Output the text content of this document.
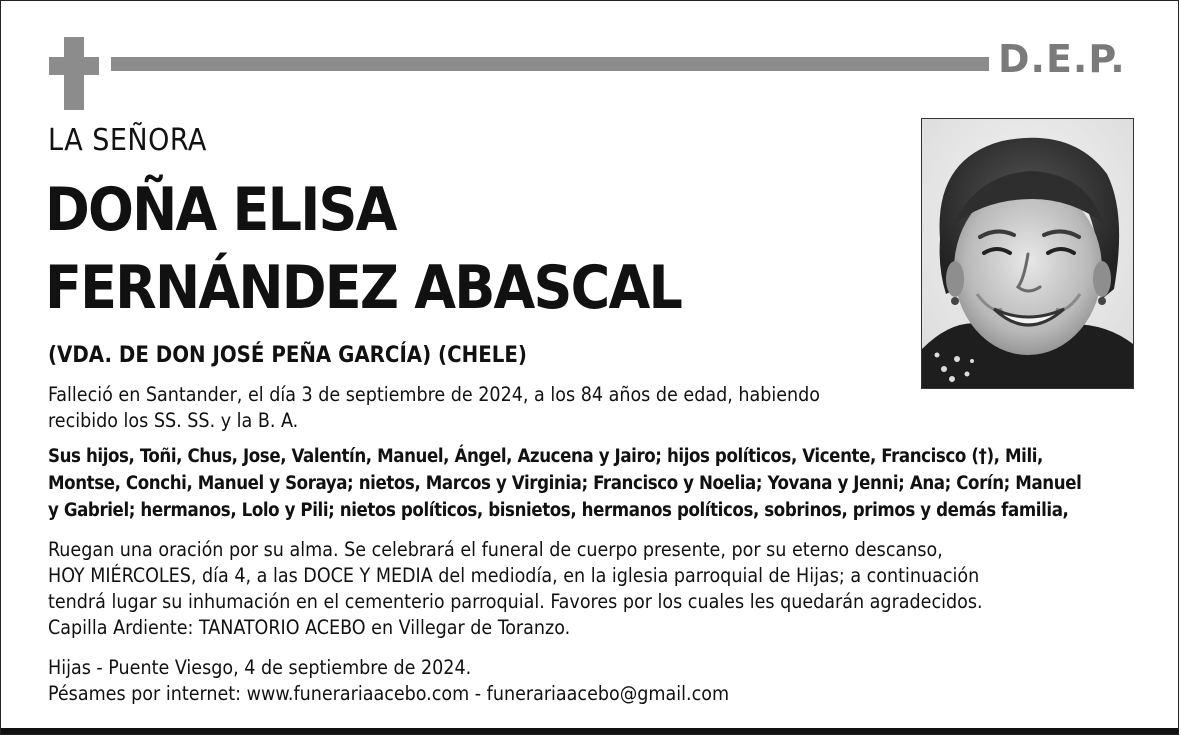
D.E.P.
LA SEÑORA
DOÑA ELISA
FERNÁNDEZ ABASCAL
(VDA. DE DON JOSÉ PEÑA GARCÍA) (CHELE)
Falleció en Santander, el día 3 de septiembre de 2024, a los 84 años de edad, habiendo
recibido los SS. SS. y la B. A.
Sus hijos, Toñi, Chus, Jose, Valentín, Manuel, Ángel, Azucena y Jairo; hijos políticos, Vicente, Francisco (†), Mili,
Montse, Conchi, Manuel y Soraya; nietos, Marcos y Virginia; Francisco y Noelia; Yovana y Jenni; Ana; Corín; Manuel
y Gabriel; hermanos, Lolo y Pili; nietos políticos, bisnietos, hermanos políticos, sobrinos, primos y demás familia,
Ruegan una oración por su alma. Se celebrará el funeral de cuerpo presente, por su eterno descanso,
HOY MIÉRCOLES, día 4, a las DOCE Y MEDIA del mediodía, en la iglesia parroquial de Hijas; a continuación
tendrá lugar su inhumación en el cementerio parroquial. Favores por los cuales les quedarán agradecidos.
Capilla Ardiente: TANATORIO ACEBO en Villegar de Toranzo.
Hijas - Puente Viesgo, 4 de septiembre de 2024.
Pésames por internet: www.funerariaacebo.com - funerariaacebo@gmail.com
